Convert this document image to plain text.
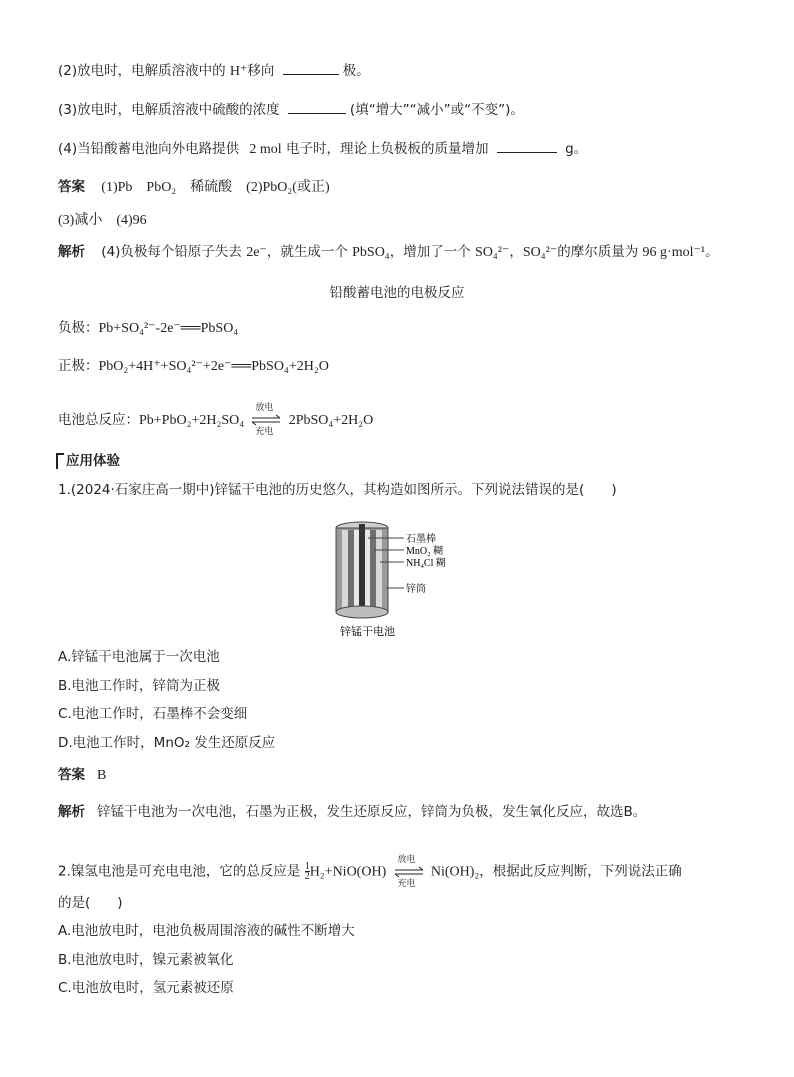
(2)放电时，电解质溶液中的 H⁺移向	极。
(3)放电时，电解质溶液中硫酸的浓度	(填“增大”“减小”或“不变”)。
(4)当铅酸蓄电池向外电路提供 2 mol 电子时，理论上负极板的质量增加	g。
答案 (1)Pb　PbO₂　稀硫酸　(2)PbO₂(或正)
(3)减小　(4)96
解析 (4)负极每个铅原子失去 2e⁻，就生成一个 PbSO₄，增加了一个 SO₄²⁻，SO₄²⁻的摩尔质量为 96 g·mol⁻¹。
铅酸蓄电池的电极反应
负极：Pb+SO₄²⁻-2e⁻══PbSO₄
正极：PbO₂+4H⁺+SO₄²⁻+2e⁻══PbSO₄+2H₂O
电池总反应：Pb+PbO₂+2H₂SO₄
放电
充电
2PbSO₄+2H₂O
应用体验
1.(2024·石家庄高一期中)锌锰干电池的历史悠久，其构造如图所示。下列说法错误的是(　　)
石墨棒
MnO₂ 糊
NH₄Cl 糊
锌筒
锌锰干电池
A.锌锰干电池属于一次电池
B.电池工作时，锌筒为正极
C.电池工作时，石墨棒不会变细
D.电池工作时，MnO₂ 发生还原反应
答案 B
解析 锌锰干电池为一次电池，石墨为正极，发生还原反应，锌筒为负极，发生氧化反应，故选B。
2.镍氢电池是可充电电池，它的总反应是 $\frac{1}{2}H_2+NiO(OH)$
放电
充电
Ni(OH)₂，根据此反应判断，下列说法正确
的是(　　)
A.电池放电时，电池负极周围溶液的碱性不断增大
B.电池放电时，镍元素被氧化
C.电池放电时，氢元素被还原
